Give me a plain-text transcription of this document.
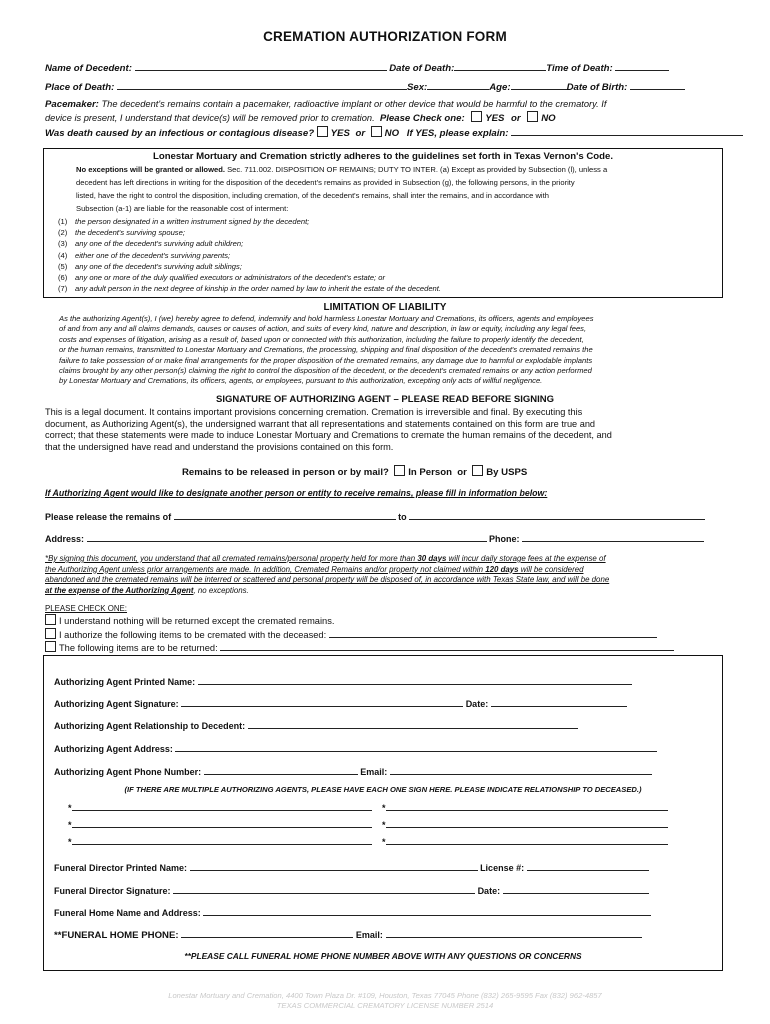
CREMATION AUTHORIZATION FORM
Name of Decedent:	Date of Death:	Time of Death:
Place of Death:	Sex:	Age:	Date of Birth:
Pacemaker: The decedent's remains contain a pacemaker, radioactive implant or other device that would be harmful to the crematory. If
device is present, I understand that device(s) will be removed prior to cremation. Please Check one: YES or NO
Was death caused by an infectious or contagious disease? YES or NO If YES, please explain:
Lonestar Mortuary and Cremation strictly adheres to the guidelines set forth in Texas Vernon's Code.
No exceptions will be granted or allowed. Sec. 711.002. DISPOSITION OF REMAINS; DUTY TO INTER. (a) Except as provided by Subsection (l), unless a
decedent has left directions in writing for the disposition of the decedent's remains as provided in Subsection (g), the following persons, in the priority
listed, have the right to control the disposition, including cremation, of the decedent's remains, shall inter the remains, and in accordance with
Subsection (a-1) are liable for the reasonable cost of interment:
(1) the person designated in a written instrument signed by the decedent;
(2) the decedent's surviving spouse;
(3) any one of the decedent's surviving adult children;
(4) either one of the decedent's surviving parents;
(5) any one of the decedent's surviving adult siblings;
(6) any one or more of the duly qualified executors or administrators of the decedent's estate; or
(7) any adult person in the next degree of kinship in the order named by law to inherit the estate of the decedent.
LIMITATION OF LIABILITY
As the authorizing Agent(s), I (we) hereby agree to defend, indemnify and hold harmless Lonestar Mortuary and Cremations, its officers, agents and employees
of and from any and all claims demands, causes or causes of action, and suits of every kind, nature and description, in law or equity, including any legal fees,
costs and expenses of litigation, arising as a result of, based upon or connected with this authorization, including the failure to properly identify the decedent,
or the human remains, transmitted to Lonestar Mortuary and Cremations, the processing, shipping and final disposition of the decedent's cremated remains the
failure to take possession of or make final arrangements for the proper disposition of the cremated remains, any damage due to harmful or explodable implants
claims brought by any other person(s) claiming the right to control the disposition of the decedent, or the decedent's cremated remains or any action performed
by Lonestar Mortuary and Cremations, its officers, agents, or employees, pursuant to this authorization, excepting only acts of willful negligence.
SIGNATURE OF AUTHORIZING AGENT – PLEASE READ BEFORE SIGNING
This is a legal document. It contains important provisions concerning cremation. Cremation is irreversible and final. By executing this
document, as Authorizing Agent(s), the undersigned warrant that all representations and statements contained on this form are true and
correct; that these statements were made to induce Lonestar Mortuary and Cremations to cremate the human remains of the decedent, and
that the undersigned have read and understand the provisions contained on this form.
Remains to be released in person or by mail? In Person or By USPS
If Authorizing Agent would like to designate another person or entity to receive remains, please fill in information below:
Please release the remains of	to
Address:	Phone:
*By signing this document, you understand that all cremated remains/personal property held for more than 30 days will incur daily storage fees at the expense of
the Authorizing Agent unless prior arrangements are made. In addition, Cremated Remains and/or property not claimed within 120 days will be considered
abandoned and the cremated remains will be interred or scattered and personal property will be disposed of, in accordance with Texas State law, and will be done
at the expense of the Authorizing Agent, no exceptions.
PLEASE CHECK ONE:
I understand nothing will be returned except the cremated remains.
I authorize the following items to be cremated with the deceased:
The following items are to be returned:
Authorizing Agent Printed Name:
Authorizing Agent Signature:	Date:
Authorizing Agent Relationship to Decedent:
Authorizing Agent Address:
Authorizing Agent Phone Number:	Email:
(IF THERE ARE MULTIPLE AUTHORIZING AGENTS, PLEASE HAVE EACH ONE SIGN HERE. PLEASE INDICATE RELATIONSHIP TO DECEASED.)
*	*
*	*
*	*
Funeral Director Printed Name:	License #:
Funeral Director Signature:	Date:
Funeral Home Name and Address:
**FUNERAL HOME PHONE:	Email:
**PLEASE CALL FUNERAL HOME PHONE NUMBER ABOVE WITH ANY QUESTIONS OR CONCERNS
Lonestar Mortuary and Cremation, 4400 Town Plaza Dr. #109, Houston, Texas 77045 Phone (832) 265-9595 Fax (832) 962-4857
TEXAS COMMERCIAL CREMATORY LICENSE NUMBER 2514
